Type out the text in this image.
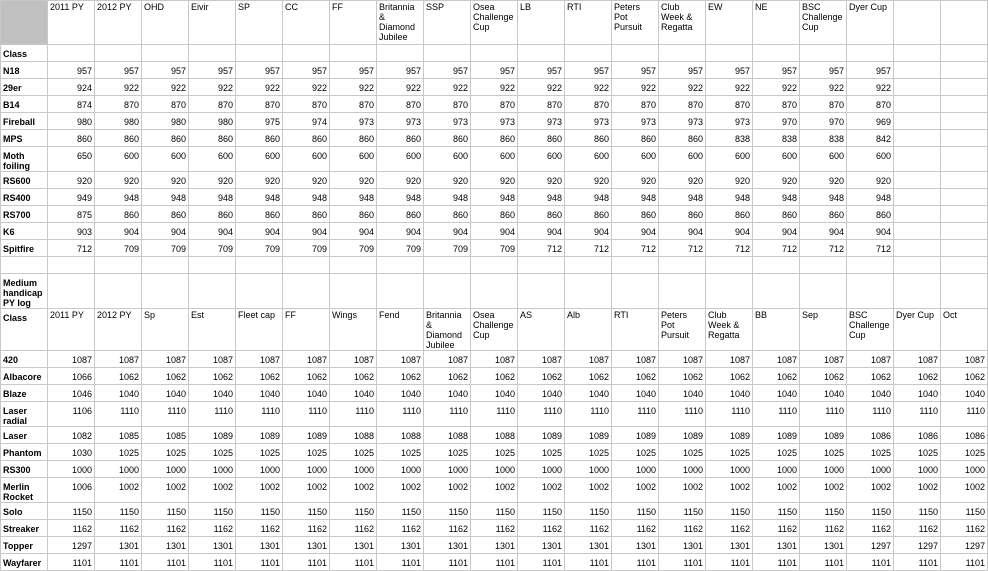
	2011 PY	2012 PY	OHD	Eivir	SP	CC	FF	Britannia & Diamond Jubilee	SSP	Osea Challenge Cup	LB	RTI	Peters Pot Pursuit	Club Week & Regatta	EW	NE	BSC Challenge Cup	Dyer Cup		
Class																				
N18	957	957	957	957	957	957	957	957	957	957	957	957	957	957	957	957	957	957		
29er	924	922	922	922	922	922	922	922	922	922	922	922	922	922	922	922	922	922		
B14	874	870	870	870	870	870	870	870	870	870	870	870	870	870	870	870	870	870		
Fireball	980	980	980	980	975	974	973	973	973	973	973	973	973	973	973	970	970	969		
MPS	860	860	860	860	860	860	860	860	860	860	860	860	860	860	838	838	838	842		
Moth foiling	650	600	600	600	600	600	600	600	600	600	600	600	600	600	600	600	600	600		
RS600	920	920	920	920	920	920	920	920	920	920	920	920	920	920	920	920	920	920		
RS400	949	948	948	948	948	948	948	948	948	948	948	948	948	948	948	948	948	948		
RS700	875	860	860	860	860	860	860	860	860	860	860	860	860	860	860	860	860	860		
K6	903	904	904	904	904	904	904	904	904	904	904	904	904	904	904	904	904	904		
Spitfire	712	709	709	709	709	709	709	709	709	709	712	712	712	712	712	712	712	712		

Medium handicap PY log																				
Class	2011 PY	2012 PY	Sp	Est	Fleet cap	FF	Wings	Fend	Britannia & Diamond Jubilee	Osea Challenge Cup	AS	Alb	RTI	Peters Pot Pursuit	Club Week & Regatta	BB	Sep	BSC Challenge Cup	Dyer Cup	Oct
420	1087	1087	1087	1087	1087	1087	1087	1087	1087	1087	1087	1087	1087	1087	1087	1087	1087	1087	1087	1087
Albacore	1066	1062	1062	1062	1062	1062	1062	1062	1062	1062	1062	1062	1062	1062	1062	1062	1062	1062	1062	1062
Blaze	1046	1040	1040	1040	1040	1040	1040	1040	1040	1040	1040	1040	1040	1040	1040	1040	1040	1040	1040	1040
Laser radial	1106	1110	1110	1110	1110	1110	1110	1110	1110	1110	1110	1110	1110	1110	1110	1110	1110	1110	1110	1110
Laser	1082	1085	1085	1089	1089	1089	1088	1088	1088	1088	1089	1089	1089	1089	1089	1089	1089	1086	1086	1086
Phantom	1030	1025	1025	1025	1025	1025	1025	1025	1025	1025	1025	1025	1025	1025	1025	1025	1025	1025	1025	1025
RS300	1000	1000	1000	1000	1000	1000	1000	1000	1000	1000	1000	1000	1000	1000	1000	1000	1000	1000	1000	1000
Merlin Rocket	1006	1002	1002	1002	1002	1002	1002	1002	1002	1002	1002	1002	1002	1002	1002	1002	1002	1002	1002	1002
Solo	1150	1150	1150	1150	1150	1150	1150	1150	1150	1150	1150	1150	1150	1150	1150	1150	1150	1150	1150	1150
Streaker	1162	1162	1162	1162	1162	1162	1162	1162	1162	1162	1162	1162	1162	1162	1162	1162	1162	1162	1162	1162
Topper	1297	1301	1301	1301	1301	1301	1301	1301	1301	1301	1301	1301	1301	1301	1301	1301	1301	1297	1297	1297
Wayfarer	1101	1101	1101	1101	1101	1101	1101	1101	1101	1101	1101	1101	1101	1101	1101	1101	1101	1101	1101	1101
